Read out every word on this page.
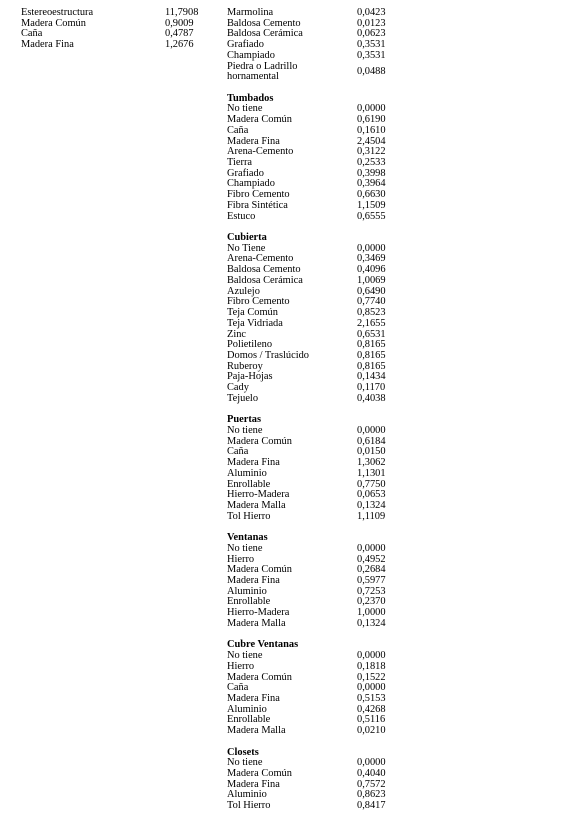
Estereoestructura	11,7908
Madera Común	0,9009
Caña	0,4787
Madera Fina	1,2676
Marmolina	0,0423
Baldosa Cemento	0,0123
Baldosa Cerámica	0,0623
Grafiado	0,3531
Champiado	0,3531
Piedra o Ladrillo hornamental	0,0488
Tumbados
No tiene	0,0000
Madera Común	0,6190
Caña	0,1610
Madera Fina	2,4504
Arena-Cemento	0,3122
Tierra	0,2533
Grafiado	0,3998
Champiado	0,3964
Fibro Cemento	0,6630
Fibra Sintética	1,1509
Estuco	0,6555
Cubierta
No Tiene	0,0000
Arena-Cemento	0,3469
Baldosa Cemento	0,4096
Baldosa Cerámica	1,0069
Azulejo	0,6490
Fibro Cemento	0,7740
Teja Común	0,8523
Teja Vidriada	2,1655
Zinc	0,6531
Polietileno	0,8165
Domos / Traslúcido	0,8165
Ruberoy	0,8165
Paja-Hojas	0,1434
Cady	0,1170
Tejuelo	0,4038
Puertas
No tiene	0,0000
Madera Común	0,6184
Caña	0,0150
Madera Fina	1,3062
Aluminio	1,1301
Enrollable	0,7750
Hierro-Madera	0,0653
Madera Malla	0,1324
Tol Hierro	1,1109
Ventanas
No tiene	0,0000
Hierro	0,4952
Madera Común	0,2684
Madera Fina	0,5977
Aluminio	0,7253
Enrollable	0,2370
Hierro-Madera	1,0000
Madera Malla	0,1324
Cubre Ventanas
No tiene	0,0000
Hierro	0,1818
Madera Común	0,1522
Caña	0,0000
Madera Fina	0,5153
Aluminio	0,4268
Enrollable	0,5116
Madera Malla	0,0210
Closets
No tiene	0,0000
Madera Común	0,4040
Madera Fina	0,7572
Aluminio	0,8623
Tol Hierro	0,8417
